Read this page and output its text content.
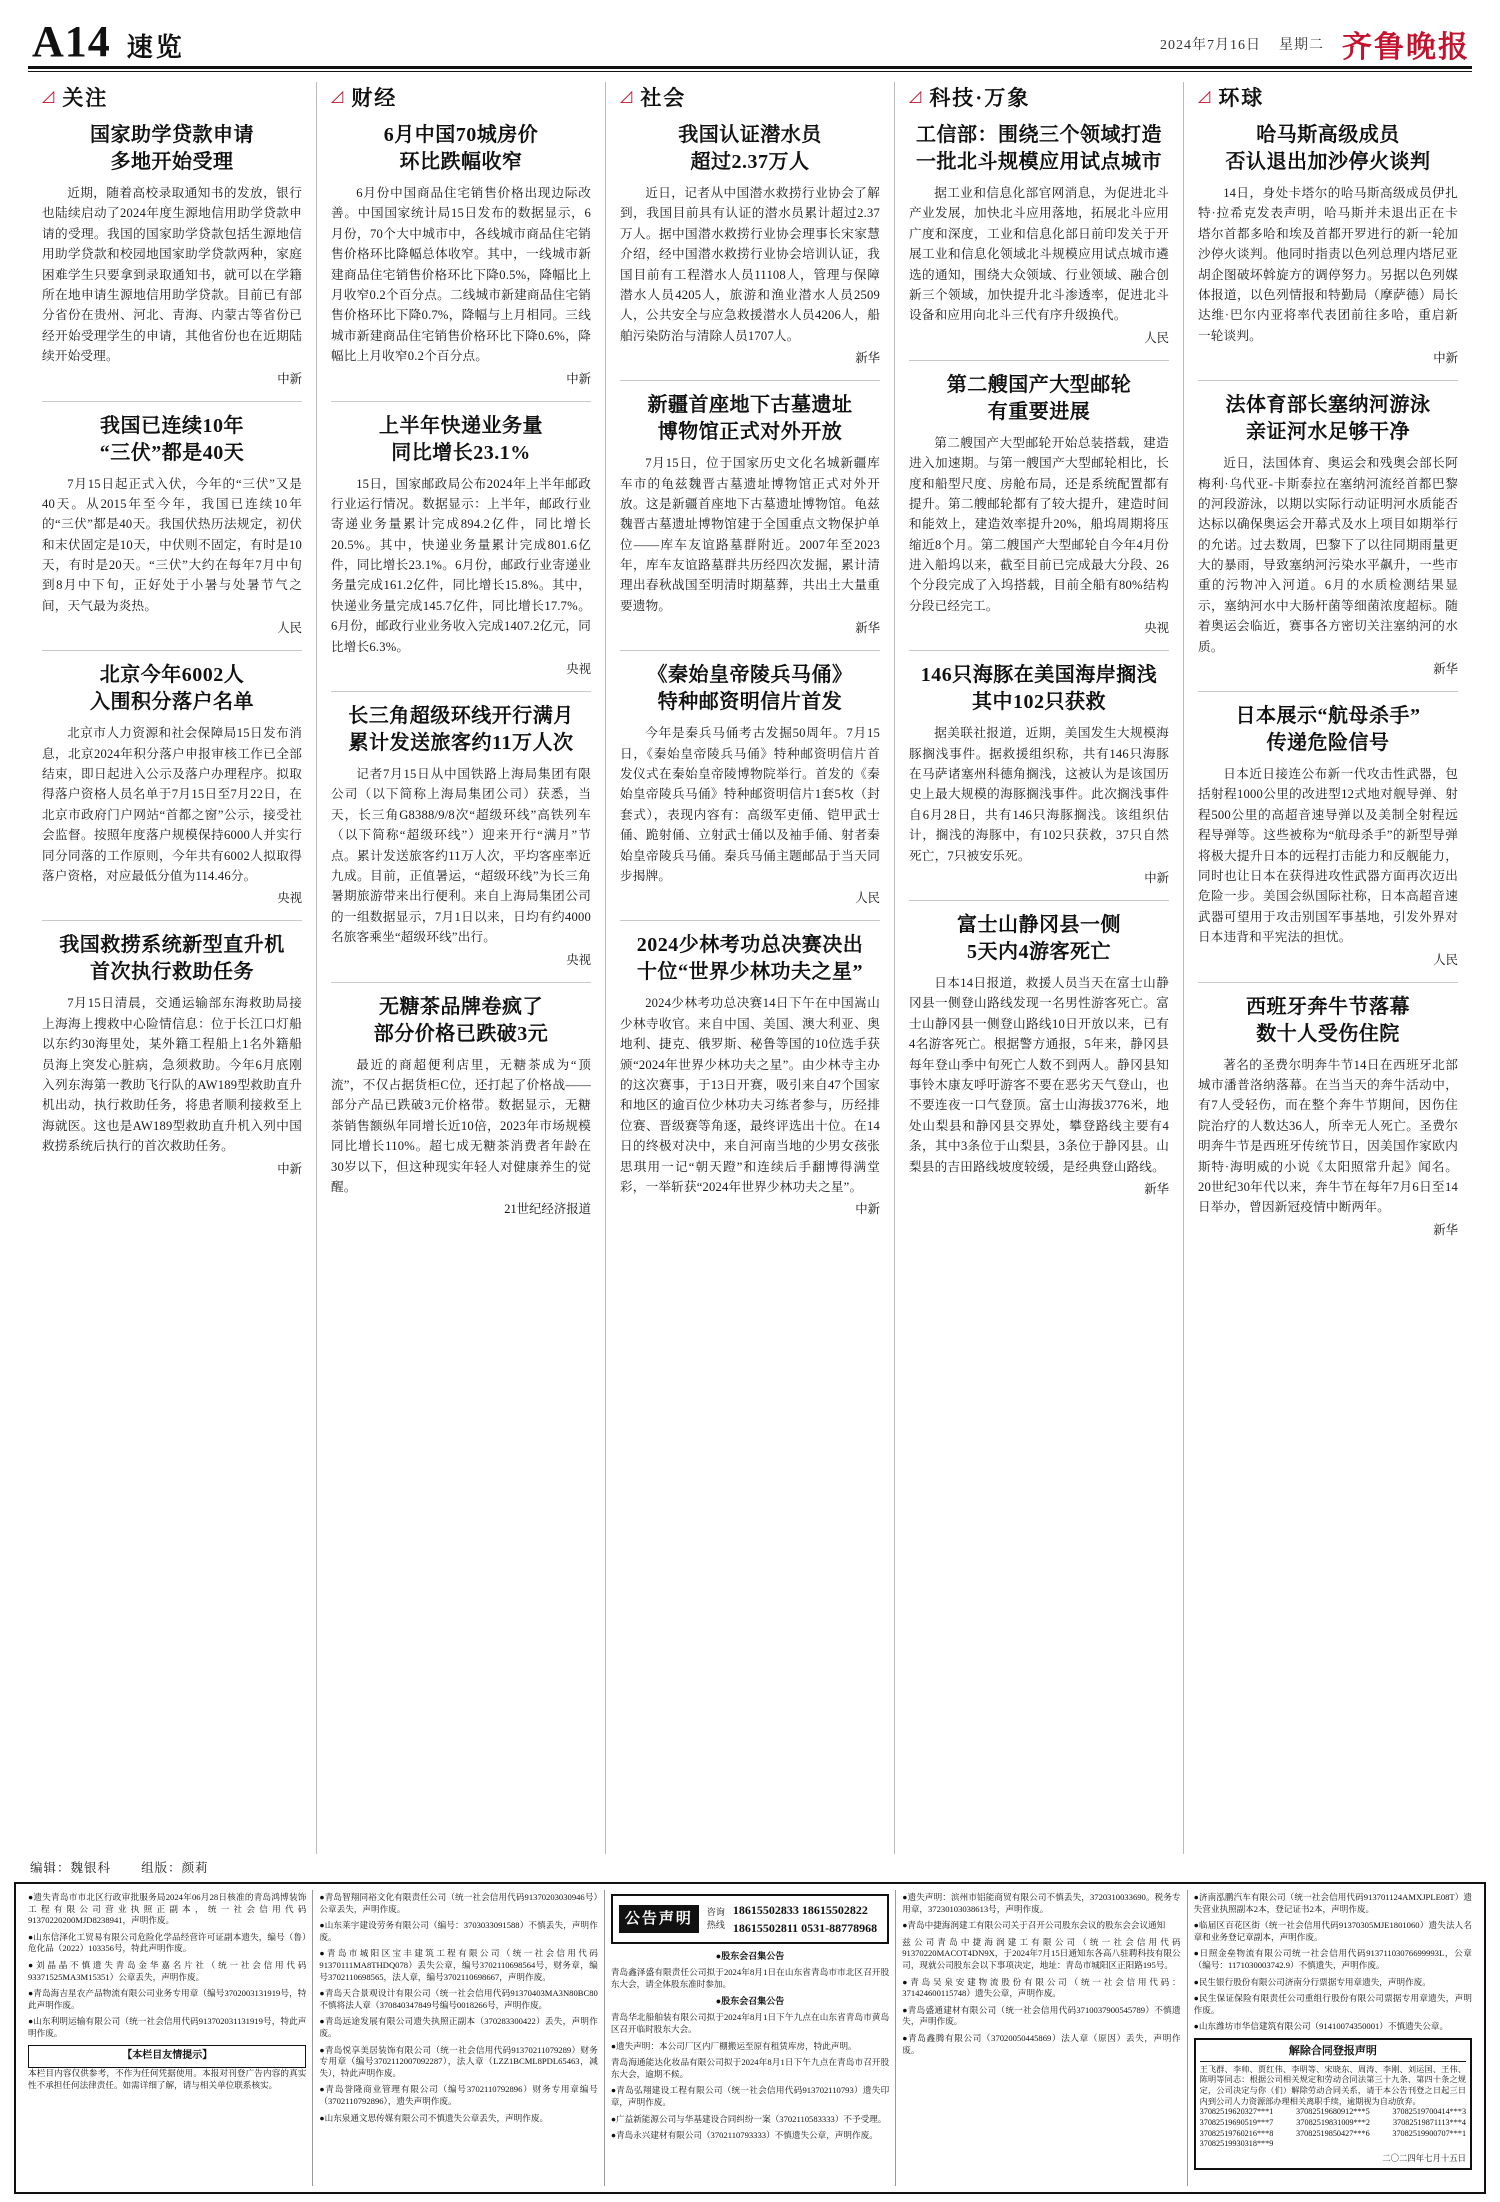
A14 速览	2024年7月16日 星期二 齐鲁晚报
◿ 关注
国家助学贷款申请
多地开始受理

近期，随着高校录取通知书的发放，银行也陆续启动了2024年度生源地信用助学贷款申请的受理。我国的国家助学贷款包括生源地信用助学贷款和校园地国家助学贷款两种，家庭困难学生只要拿到录取通知书，就可以在学籍所在地申请生源地信用助学贷款。目前已有部分省份在贵州、河北、青海、内蒙古等省份已经开始受理学生的申请，其他省份也在近期陆续开始受理。

中新
我国已连续10年
“三伏”都是40天

7月15日起正式入伏，今年的“三伏”又是40天。从2015年至今年，我国已连续10年的“三伏”都是40天。我国伏热历法规定，初伏和末伏固定是10天，中伏则不固定，有时是10天，有时是20天。“三伏”大约在每年7月中旬到8月中下旬，正好处于小暑与处暑节气之间，天气最为炎热。

人民
北京今年6002人
入围积分落户名单

北京市人力资源和社会保障局15日发布消息，北京2024年积分落户申报审核工作已全部结束，即日起进入公示及落户办理程序。拟取得落户资格人员名单于7月15日至7月22日，在北京市政府门户网站“首都之窗”公示，接受社会监督。按照年度落户规模保持6000人并实行同分同落的工作原则，今年共有6002人拟取得落户资格，对应最低分值为114.46分。

央视
我国救捞系统新型直升机
首次执行救助任务

7月15日清晨，交通运输部东海救助局接上海海上搜救中心险情信息：位于长江口灯船以东约30海里处，某外籍工程船上1名外籍船员海上突发心脏病，急须救助。今年6月底刚入列东海第一教助飞行队的AW189型救助直升机出动，执行救助任务，将患者顺利接救至上海就医。这也是AW189型救助直升机入列中国救捞系统后执行的首次救助任务。

中新
◿ 财经
6月中国70城房价
环比跌幅收窄

6月份中国商品住宅销售价格出现边际改善。中国国家统计局15日发布的数据显示，6月份，70个大中城市中，各线城市商品住宅销售价格环比降幅总体收窄。其中，一线城市新建商品住宅销售价格环比下降0.5%，降幅比上月收窄0.2个百分点。二线城市新建商品住宅销售价格环比下降0.7%，降幅与上月相同。三线城市新建商品住宅销售价格环比下降0.6%，降幅比上月收窄0.2个百分点。

中新
上半年快递业务量
同比增长23.1%

15日，国家邮政局公布2024年上半年邮政行业运行情况。数据显示：上半年，邮政行业寄递业务量累计完成894.2亿件，同比增长20.5%。其中，快递业务量累计完成801.6亿件，同比增长23.1%。6月份，邮政行业寄递业务量完成161.2亿件，同比增长15.8%。其中，快递业务量完成145.7亿件，同比增长17.7%。6月份，邮政行业业务收入完成1407.2亿元，同比增长6.3%。

央视
长三角超级环线开行满月
累计发送旅客约11万人次

记者7月15日从中国铁路上海局集团有限公司（以下简称上海局集团公司）获悉，当天，长三角G8388/9/8次“超级环线”高铁列车（以下简称“超级环线”）迎来开行“满月”节点。累计发送旅客约11万人次，平均客座率近九成。目前，正值暑运，“超级环线”为长三角暑期旅游带来出行便利。来自上海局集团公司的一组数据显示，7月1日以来，日均有约4000名旅客乘坐“超级环线”出行。

央视
无糖茶品牌卷疯了
部分价格已跌破3元

最近的商超便利店里，无糖茶成为“顶流”，不仅占据货柜C位，还打起了价格战——部分产品已跌破3元价格带。数据显示，无糖茶销售额纵年同增长近10倍，2023年市场规模同比增长110%。超七成无糖茶消费者年龄在30岁以下，但这种现实年轻人对健康养生的觉醒。

21世纪经济报道
◿ 社会
我国认证潜水员
超过2.37万人

近日，记者从中国潜水救捞行业协会了解到，我国目前具有认证的潜水员累计超过2.37万人。据中国潜水救捞行业协会理事长宋家慧介绍，经中国潜水救捞行业协会培训认证，我国目前有工程潜水人员11108人，管理与保障潜水人员4205人，旅游和渔业潜水人员2509人，公共安全与应急救援潜水人员4206人，船舶污染防治与清除人员1707人。

新华
新疆首座地下古墓遗址
博物馆正式对外开放

7月15日，位于国家历史文化名城新疆库车市的龟兹魏晋古墓遗址博物馆正式对外开放。这是新疆首座地下古墓遗址博物馆。龟兹魏晋古墓遗址博物馆建于全国重点文物保护单位——库车友谊路墓群附近。2007年至2023年，库车友谊路墓群共历经四次发掘，累计清理出春秋战国至明清时期墓葬，共出土大量重要遗物。

新华
《秦始皇帝陵兵马俑》
特种邮资明信片首发

今年是秦兵马俑考古发掘50周年。7月15日，《秦始皇帝陵兵马俑》特种邮资明信片首发仪式在秦始皇帝陵博物院举行。首发的《秦始皇帝陵兵马俑》特种邮资明信片1套5枚（封套式），表现内容有：高级军吏俑、铠甲武士俑、跪射俑、立射武士俑以及袖手俑、射者秦始皇帝陵兵马俑。秦兵马俑主题邮品于当天同步揭牌。

人民
2024少林考功总决赛决出
十位“世界少林功夫之星”

2024少林考功总决赛14日下午在中国嵩山少林寺收官。来自中国、美国、澳大利亚、奥地利、捷克、俄罗斯、秘鲁等国的10位选手获颁“2024年世界少林功夫之星”。由少林寺主办的这次赛事，于13日开赛，吸引来自47个国家和地区的逾百位少林功夫习练者参与，历经排位赛、晋级赛等角逐，最终评选出十位。在14日的终极对决中，来自河南当地的少男女孩张思琪用一记“朝天蹬”和连续后手翻博得满堂彩，一举斩获“2024年世界少林功夫之星”。

中新
◿ 科技·万象
工信部：围绕三个领域打造
一批北斗规模应用试点城市

据工业和信息化部官网消息，为促进北斗产业发展，加快北斗应用落地，拓展北斗应用广度和深度，工业和信息化部日前印发关于开展工业和信息化领域北斗规模应用试点城市遴选的通知，围绕大众领域、行业领域、融合创新三个领域，加快提升北斗渗透率，促进北斗设备和应用向北斗三代有序升级换代。

人民
第二艘国产大型邮轮
有重要进展

第二艘国产大型邮轮开始总装搭载，建造进入加速期。与第一艘国产大型邮轮相比，长度和船型尺度、房舱布局，还是系统配置都有提升。第二艘邮轮都有了较大提升，建造时间和能效上，建造效率提升20%，船坞周期将压缩近8个月。第二艘国产大型邮轮自今年4月份进入船坞以来，截至目前已完成最大分段、26个分段完成了入坞搭载，目前全船有80%结构分段已经完工。

央视
146只海豚在美国海岸搁浅
其中102只获救

据美联社报道，近期，美国发生大规模海豚搁浅事件。据救援组织称，共有146只海豚在马萨诸塞州科德角搁浅，这被认为是该国历史上最大规模的海豚搁浅事件。此次搁浅事件自6月28日，共有146只海豚搁浅。该组织估计，搁浅的海豚中，有102只获救，37只自然死亡，7只被安乐死。

中新
富士山静冈县一侧
5天内4游客死亡

日本14日报道，救援人员当天在富士山静冈县一侧登山路线发现一名男性游客死亡。富士山静冈县一侧登山路线10日开放以来，已有4名游客死亡。根据警方通报，5年来，静冈县每年登山季中旬死亡人数不到两人。静冈县知事铃木康友呼吁游客不要在恶劣天气登山，也不要连夜一口气登顶。富士山海拔3776米，地处山梨县和静冈县交界处，攀登路线主要有4条，其中3条位于山梨县，3条位于静冈县。山梨县的吉田路线坡度较缓，是经典登山路线。

新华
◿ 环球
哈马斯高级成员
否认退出加沙停火谈判

14日，身处卡塔尔的哈马斯高级成员伊扎特·拉希克发表声明，哈马斯并未退出正在卡塔尔首都多哈和埃及首都开罗进行的新一轮加沙停火谈判。他同时指责以色列总理内塔尼亚胡企图破坏斡旋方的调停努力。另据以色列媒体报道，以色列情报和特勤局（摩萨德）局长达维·巴尔内亚将率代表团前往多哈，重启新一轮谈判。

中新
法体育部长塞纳河游泳
亲证河水足够干净

近日，法国体育、奥运会和残奥会部长阿梅利·乌代亚-卡斯泰拉在塞纳河流经首都巴黎的河段游泳，以期以实际行动证明河水质能否达标以确保奥运会开幕式及水上项目如期举行的允诺。过去数周，巴黎下了以往同期雨量更大的暴雨，导致塞纳河污染水平飙升，一些市重的污物冲入河道。6月的水质检测结果显示，塞纳河水中大肠杆菌等细菌浓度超标。随着奥运会临近，赛事各方密切关注塞纳河的水质。

新华
日本展示“航母杀手”
传递危险信号

日本近日接连公布新一代攻击性武器，包括射程1000公里的改进型12式地对舰导弹、射程500公里的高超音速导弹以及美制全射程远程导弹等。这些被称为“航母杀手”的新型导弹将极大提升日本的远程打击能力和反舰能力，同时也让日本在获得进攻性武器方面再次迈出危险一步。美国会纵国际社称，日本高超音速武器可望用于攻击别国军事基地，引发外界对日本违背和平宪法的担忧。

人民
西班牙奔牛节落幕
数十人受伤住院

著名的圣费尔明奔牛节14日在西班牙北部城市潘普洛纳落幕。在当当天的奔牛活动中，有7人受轻伤，而在整个奔牛节期间，因伤住院治疗的人数达36人，所幸无人死亡。圣费尔明奔牛节是西班牙传统节日，因美国作家欧内斯特·海明威的小说《太阳照常升起》闻名。20世纪30年代以来，奔牛节在每年7月6日至14日举办，曾因新冠疫情中断两年。

新华
编辑：魏银科 组版：颜莉
●遗失青岛市市北区行政审批服务局2024年06月28日核准的青岛鸿博装饰工程有限公司营业执照正副本，统一社会信用代码91370220200MJD8238941，声明作废。
●山东信泽化工贸易有限公司危险化学品经营许可证副本遗失，编号（鲁）危化品（2022）103356号，特此声明作废。
●刘晶晶不慎遗失青岛金华嘉名片社（统一社会信用代码93371525MA3M15351）公章丢失，声明作废。
●青岛海吉星农产品物流有限公司业务专用章（编号3702003131919号，特此声明作废。
●山东利明运输有限公司（统一社会信用代码913702031131919号，特此声明作废。
【本栏目友情提示】
本栏目内容仅供参考，不作为任何凭据使用。本报对刊登广告内容的真实性不承担任何法律责任。如需详细了解，请与相关单位联系核实。
●青岛智翔同裕文化有限责任公司（统一社会信用代码91370203030946号）公章丢失，声明作废。
●山东莱宇建设劳务有限公司（编号：3703033091588）不慎丢失，声明作废。
●青岛市城阳区宝丰建筑工程有限公司（统一社会信用代码91370111MA8THDQ078）丢失公章，编号3702110698564号，财务章，编号3702110698565，法人章，编号3702110698667，声明作废。
●青岛天合景观设计有限公司（统一社会信用代码91370403MA3N80BC80不慎将法人章（370840347849号编号0018266号，声明作废。
●青岛远途发展有限公司遗失执照正副本（370283300422）丢失，声明作废。
●青岛悦享美居装饰有限公司（统一社会信用代码91370211079289）财务专用章（编号3702112007092287），法人章（LZZ1BCML8PDL65463，减失），特此声明作废。
●青岛誉隆商业管理有限公司（编号3702110792896）财务专用章编号（3702110792896），遗失声明作废。
●山东泉通文思传媒有限公司不慎遗失公章丢失，声明作废。
公告声明	咨询
热线
18615502833 18615502822
18615502811 0531-88778968
●股东会召集公告
青岛鑫泽盛有限责任公司拟于2024年8月1日在山东省青岛市市北区召开股东大会，请全体股东准时参加。
●股东会召集公告
青岛华北船舶装有限公司拟于2024年8月1日下午九点在山东省青岛市黄岛区召开临时股东大会。
●遗失声明：本公司厂区内厂棚搬运至原有租赁库房，特此声明。
青岛海通能达化妆品有限公司拟于2024年8月1日下午九点在青岛市召开股东大会，逾期不候。
●青岛弘翔建设工程有限公司（统一社会信用代码913702110793）遗失印章，声明作废。
●广益新能源公司与华基建设合同纠纷一案（3702110583333）不予受理。
●青岛永兴建材有限公司（3702110793333）不慎遗失公章，声明作废。
●遗失声明：滨州市铝能商贸有限公司不慎丢失，3720310033690。税务专用章，37230103038613号，声明作废。
●青岛中捷海润建工有限公司关于召开公司股东会议的股东会会议通知
兹公司青岛中捷海润建工有限公司（统一社会信用代码91370220MACOT4DN9X，于2024年7月15日通知东各高八驻聘科技有限公司，现就公司股东会以下事项决定，地址：青岛市城阳区正阳路195号。
●青岛吴泉安建物流股份有限公司（统一社会信用代码：371424600115748）遗失公章，声明作废。
●青岛盛通建材有限公司（统一社会信用代码3710037900545789）不慎遗失，声明作废。
●青岛鑫腾有限公司（37020050445869）法人章（原因）丢失，声明作废。
●济南泓鹏汽车有限公司（统一社会信用代码913701124AMXJPLE08T）遗失营业执照副本2本，登记证书2本，声明作废。
●临届区百花区街（统一社会信用代码91370305MJE1801060）遗失法人名章和业务登记章副本，声明作废。
●日照金垒物流有限公司统一社会信用代码91371103076699993L，公章（编号：1171030003742.9）不慎遗失，声明作废。
●民生银行股份有限公司济南分行票据专用章遗失，声明作废。
●民生保证保险有限责任公司重组行股份有限公司票据专用章遗失，声明作废。
●山东潍坊市华信建筑有限公司（91410074350001）不慎遗失公章。
解除合同登报声明
王飞群、李帅、贾红伟、李明等、宋晓东、周涛、李刚、刘运国、王伟、陈明等同志：根据公司相关规定和劳动合同法第三十九条、第四十条之规定，公司决定与你（们）解除劳动合同关系，请于本公告刊登之日起三日内到公司人力资源部办理相关离职手续，逾期视为自动放弃。
37082519620327***1 37082519680912***5 37082519700414***3 37082519690519***7 37082519831009***2 37082519871113***4 37082519760216***8 37082519850427***6 37082519900707***1 37082519930318***9
二〇二四年七月十五日
